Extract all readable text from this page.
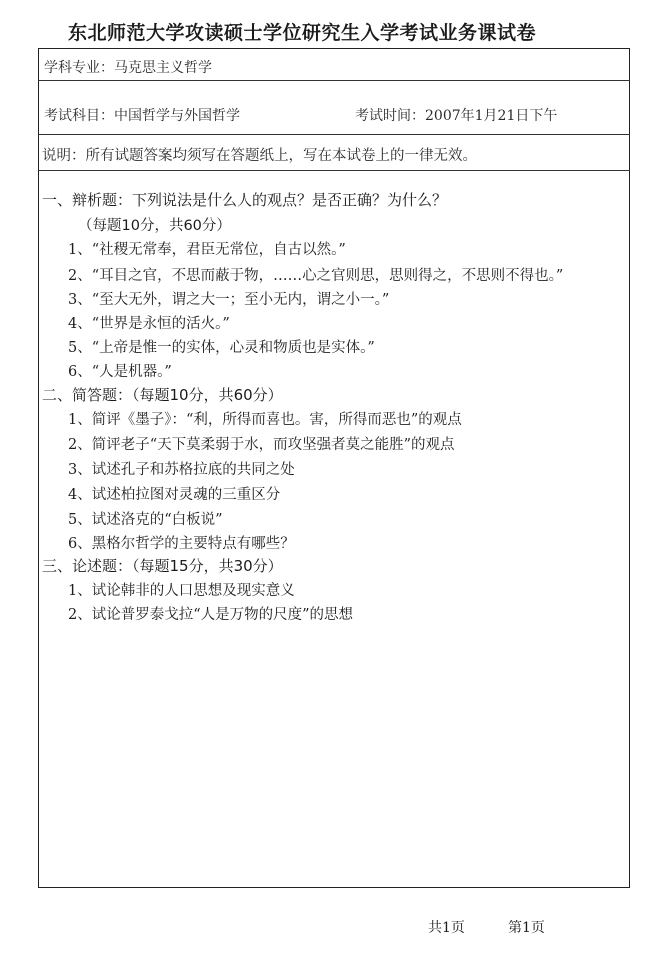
东北师范大学攻读硕士学位研究生入学考试业务课试卷
学科专业：马克思主义哲学
考试科目：中国哲学与外国哲学	考试时间：2007年1月21日下午
说明：所有试题答案均须写在答题纸上，写在本试卷上的一律无效。
一、辩析题：下列说法是什么人的观点？是否正确？为什么？
（每题10分，共60分）
1、“社稷无常奉，君臣无常位，自古以然。”
2、“耳目之官，不思而蔽于物，……心之官则思，思则得之，不思则不得也。”
3、“至大无外，谓之大一；至小无内，谓之小一。”
4、“世界是永恒的活火。”
5、“上帝是惟一的实体，心灵和物质也是实体。”
6、“人是机器。”
二、简答题：（每题10分，共60分）
1、简评《墨子》：“利，所得而喜也。害，所得而恶也”的观点
2、简评老子“天下莫柔弱于水，而攻坚强者莫之能胜”的观点
3、试述孔子和苏格拉底的共同之处
4、试述柏拉图对灵魂的三重区分
5、试述洛克的“白板说”
6、黑格尔哲学的主要特点有哪些？
三、论述题：（每题15分，共30分）
1、试论韩非的人口思想及现实意义
2、试论普罗泰戈拉“人是万物的尺度”的思想
共1页	第1页
